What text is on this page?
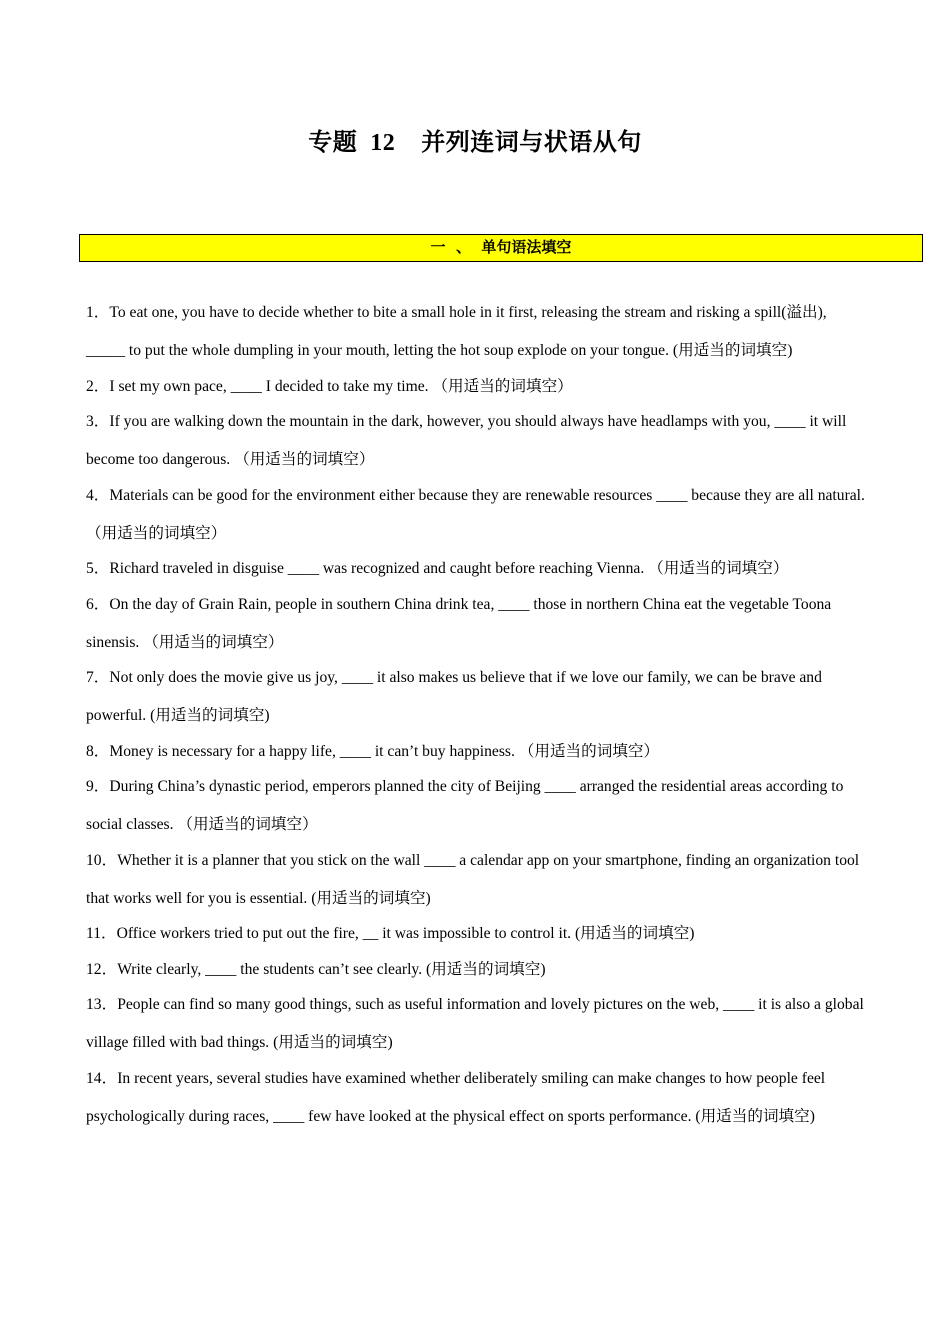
专题  12    并列连词与状语从句
一  、  单句语法填空
1．To eat one, you have to decide whether to bite a small hole in it first, releasing the stream and risking a spill(溢出), _____ to put the whole dumpling in your mouth, letting the hot soup explode on your tongue. (用适当的词填空)
2．I set my own pace, ____ I decided to take my time. （用适当的词填空）
3．If you are walking down the mountain in the dark, however, you should always have headlamps with you, ____ it will become too dangerous. （用适当的词填空）
4．Materials can be good for the environment either because they are renewable resources ____ because they are all natural. （用适当的词填空）
5．Richard traveled in disguise ____ was recognized and caught before reaching Vienna. （用适当的词填空）
6．On the day of Grain Rain, people in southern China drink tea, ____ those in northern China eat the vegetable Toona sinensis. （用适当的词填空）
7．Not only does the movie give us joy, ____ it also makes us believe that if we love our family, we can be brave and powerful. (用适当的词填空)
8．Money is necessary for a happy life, ____ it can’t buy happiness. （用适当的词填空）
9．During China’s dynastic period, emperors planned the city of Beijing ____ arranged the residential areas according to social classes. （用适当的词填空）
10．Whether it is a planner that you stick on the wall ____ a calendar app on your smartphone, finding an organization tool that works well for you is essential. (用适当的词填空)
11．Office workers tried to put out the fire, __ it was impossible to control it. (用适当的词填空)
12．Write clearly, ____ the students can’t see clearly. (用适当的词填空)
13．People can find so many good things, such as useful information and lovely pictures on the web, ____ it is also a global village filled with bad things. (用适当的词填空)
14．In recent years, several studies have examined whether deliberately smiling can make changes to how people feel psychologically during races, ____ few have looked at the physical effect on sports performance. (用适当的词填空)
